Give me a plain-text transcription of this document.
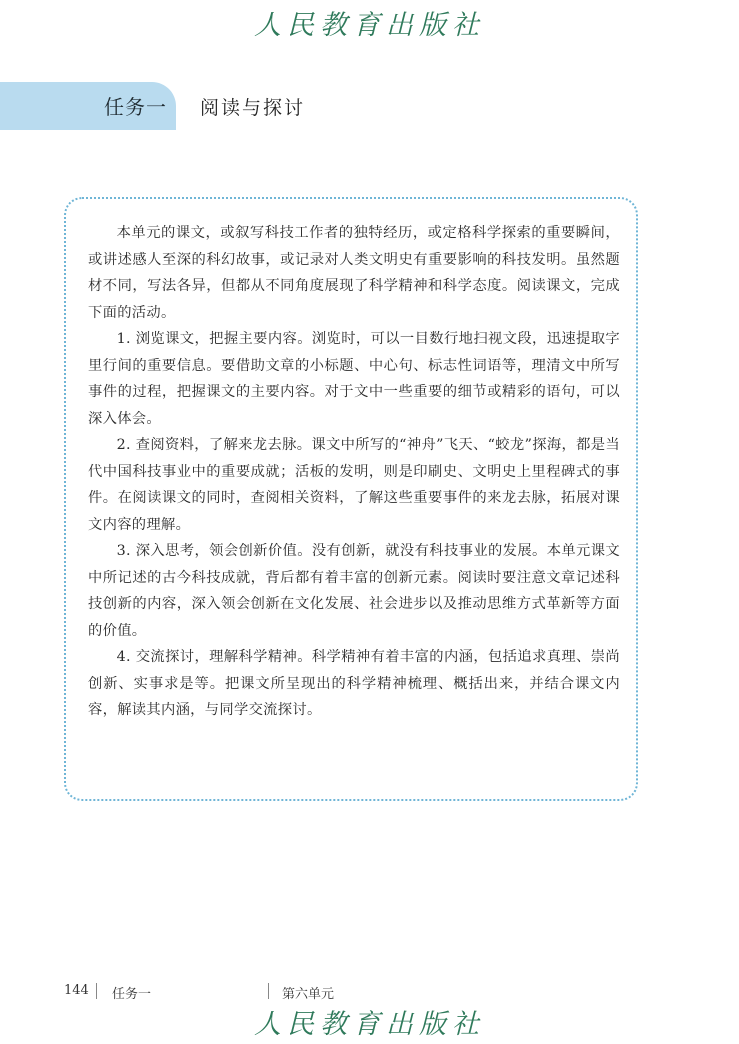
人民教育出版社
任务一 阅读与探讨

本单元的课文，或叙写科技工作者的独特经历，或定格科学探索的重要瞬间，或讲述感人至深的科幻故事，或记录对人类文明史有重要影响的科技发明。虽然题材不同，写法各异，但都从不同角度展现了科学精神和科学态度。阅读课文，完成下面的活动。

1. 浏览课文，把握主要内容。浏览时，可以一目数行地扫视文段，迅速提取字里行间的重要信息。要借助文章的小标题、中心句、标志性词语等，理清文中所写事件的过程，把握课文的主要内容。对于文中一些重要的细节或精彩的语句，可以深入体会。

2. 查阅资料，了解来龙去脉。课文中所写的“神舟”飞天、“蛟龙”探海，都是当代中国科技事业中的重要成就；活板的发明，则是印刷史、文明史上里程碑式的事件。在阅读课文的同时，查阅相关资料，了解这些重要事件的来龙去脉，拓展对课文内容的理解。

3. 深入思考，领会创新价值。没有创新，就没有科技事业的发展。本单元课文中所记述的古今科技成就，背后都有着丰富的创新元素。阅读时要注意文章记述科技创新的内容，深入领会创新在文化发展、社会进步以及推动思维方式革新等方面的价值。

4. 交流探讨，理解科学精神。科学精神有着丰富的内涵，包括追求真理、崇尚创新、实事求是等。把课文所呈现出的科学精神梳理、概括出来，并结合课文内容，解读其内涵，与同学交流探讨。

144 任务一	第六单元
人民教育出版社
